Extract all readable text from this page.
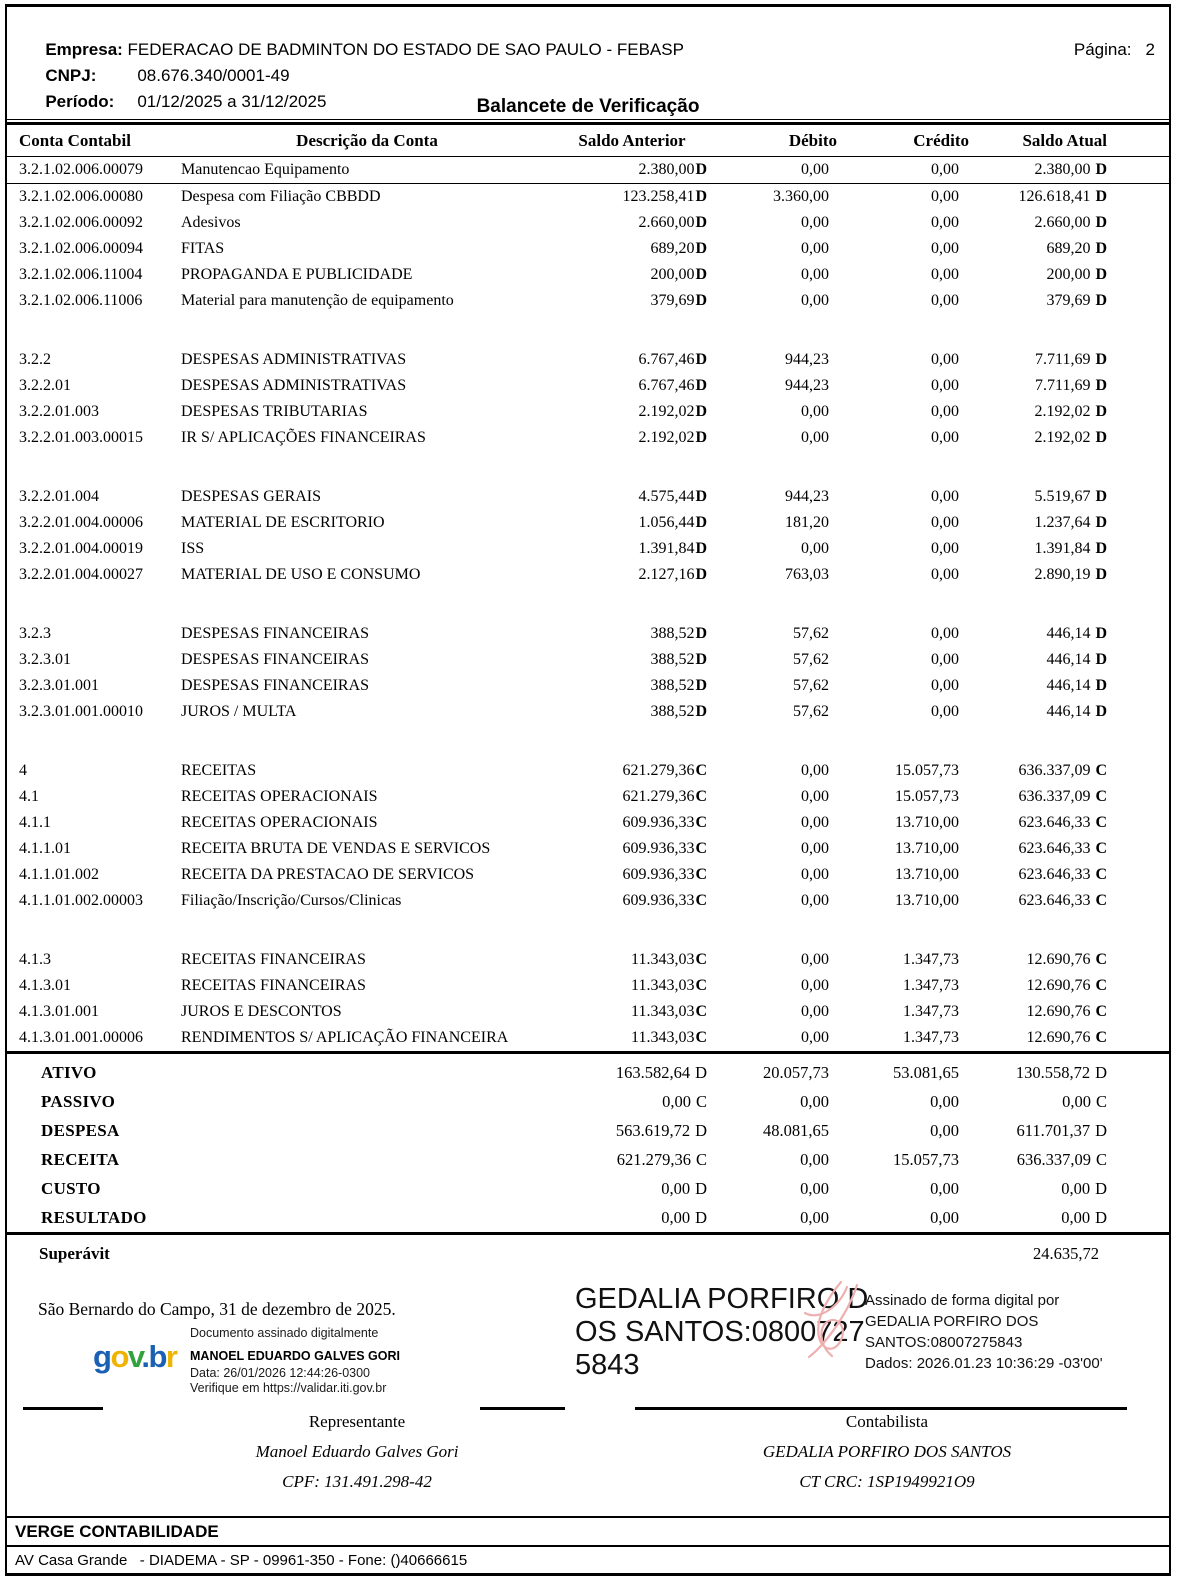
Empresa: FEDERACAO DE BADMINTON DO ESTADO DE SAO PAULO - FEBASP
	Página: 2

CNPJ: 08.676.340/0001-49

Período: 01/12/2025 a 31/12/2025
	Balancete de Verificação
Conta Contabil	Descrição da Conta	Saldo Anterior	Débito	Crédito	Saldo Atual
3.2.1.02.006.00079	Manutencao Equipamento	2.380,00D	0,00	0,00	2.380,00 D
3.2.1.02.006.00080	Despesa com Filiação CBBDD	123.258,41D	3.360,00	0,00	126.618,41 D
3.2.1.02.006.00092	Adesivos	2.660,00D	0,00	0,00	2.660,00 D
3.2.1.02.006.00094	FITAS	689,20D	0,00	0,00	689,20 D
3.2.1.02.006.11004	PROPAGANDA E PUBLICIDADE	200,00D	0,00	0,00	200,00 D
3.2.1.02.006.11006	Material para manutenção de equipamento	379,69D	0,00	0,00	379,69 D
3.2.2	DESPESAS ADMINISTRATIVAS	6.767,46D	944,23	0,00	7.711,69 D
3.2.2.01	DESPESAS ADMINISTRATIVAS	6.767,46D	944,23	0,00	7.711,69 D
3.2.2.01.003	DESPESAS TRIBUTARIAS	2.192,02D	0,00	0,00	2.192,02 D
3.2.2.01.003.00015	IR S/ APLICAÇÕES FINANCEIRAS	2.192,02D	0,00	0,00	2.192,02 D
3.2.2.01.004	DESPESAS GERAIS	4.575,44D	944,23	0,00	5.519,67 D
3.2.2.01.004.00006	MATERIAL DE ESCRITORIO	1.056,44D	181,20	0,00	1.237,64 D
3.2.2.01.004.00019	ISS	1.391,84D	0,00	0,00	1.391,84 D
3.2.2.01.004.00027	MATERIAL DE USO E CONSUMO	2.127,16D	763,03	0,00	2.890,19 D
3.2.3	DESPESAS FINANCEIRAS	388,52D	57,62	0,00	446,14 D
3.2.3.01	DESPESAS FINANCEIRAS	388,52D	57,62	0,00	446,14 D
3.2.3.01.001	DESPESAS FINANCEIRAS	388,52D	57,62	0,00	446,14 D
3.2.3.01.001.00010	JUROS / MULTA	388,52D	57,62	0,00	446,14 D
4	RECEITAS	621.279,36C	0,00	15.057,73	636.337,09 C
4.1	RECEITAS OPERACIONAIS	621.279,36C	0,00	15.057,73	636.337,09 C
4.1.1	RECEITAS OPERACIONAIS	609.936,33C	0,00	13.710,00	623.646,33 C
4.1.1.01	RECEITA BRUTA DE VENDAS E SERVICOS	609.936,33C	0,00	13.710,00	623.646,33 C
4.1.1.01.002	RECEITA DA PRESTACAO DE SERVICOS	609.936,33C	0,00	13.710,00	623.646,33 C
4.1.1.01.002.00003	Filiação/Inscrição/Cursos/Clinicas	609.936,33C	0,00	13.710,00	623.646,33 C
4.1.3	RECEITAS FINANCEIRAS	11.343,03C	0,00	1.347,73	12.690,76 C
4.1.3.01	RECEITAS FINANCEIRAS	11.343,03C	0,00	1.347,73	12.690,76 C
4.1.3.01.001	JUROS E DESCONTOS	11.343,03C	0,00	1.347,73	12.690,76 C
4.1.3.01.001.00006	RENDIMENTOS S/ APLICAÇÃO FINANCEIRA	11.343,03C	0,00	1.347,73	12.690,76 C
ATIVO	163.582,64 D	20.057,73	53.081,65	130.558,72 D
PASSIVO	0,00 C	0,00	0,00	0,00 C
DESPESA	563.619,72 D	48.081,65	0,00	611.701,37 D
RECEITA	621.279,36 C	0,00	15.057,73	636.337,09 C
CUSTO	0,00 D	0,00	0,00	0,00 D
RESULTADO	0,00 D	0,00	0,00	0,00 D
Superávit	24.635,72
São Bernardo do Campo, 31 de dezembro de 2025.
Documento assinado digitalmente
gov.br MANOEL EDUARDO GALVES GORI
Data: 26/01/2026 12:44:26-0300
Verifique em https://validar.iti.gov.br
GEDALIA PORFIRO DOS SANTOS:08007275843
Assinado de forma digital por
GEDALIA PORFIRO DOS
SANTOS:08007275843
Dados: 2026.01.23 10:36:29 -03'00'
Representante	Contabilista
Manoel Eduardo Galves Gori	GEDALIA PORFIRO DOS SANTOS
CPF: 131.491.298-42	CT CRC: 1SP1949921O9
VERGE CONTABILIDADE
AV Casa Grande   - DIADEMA - SP - 09961-350 - Fone: ()40666615
